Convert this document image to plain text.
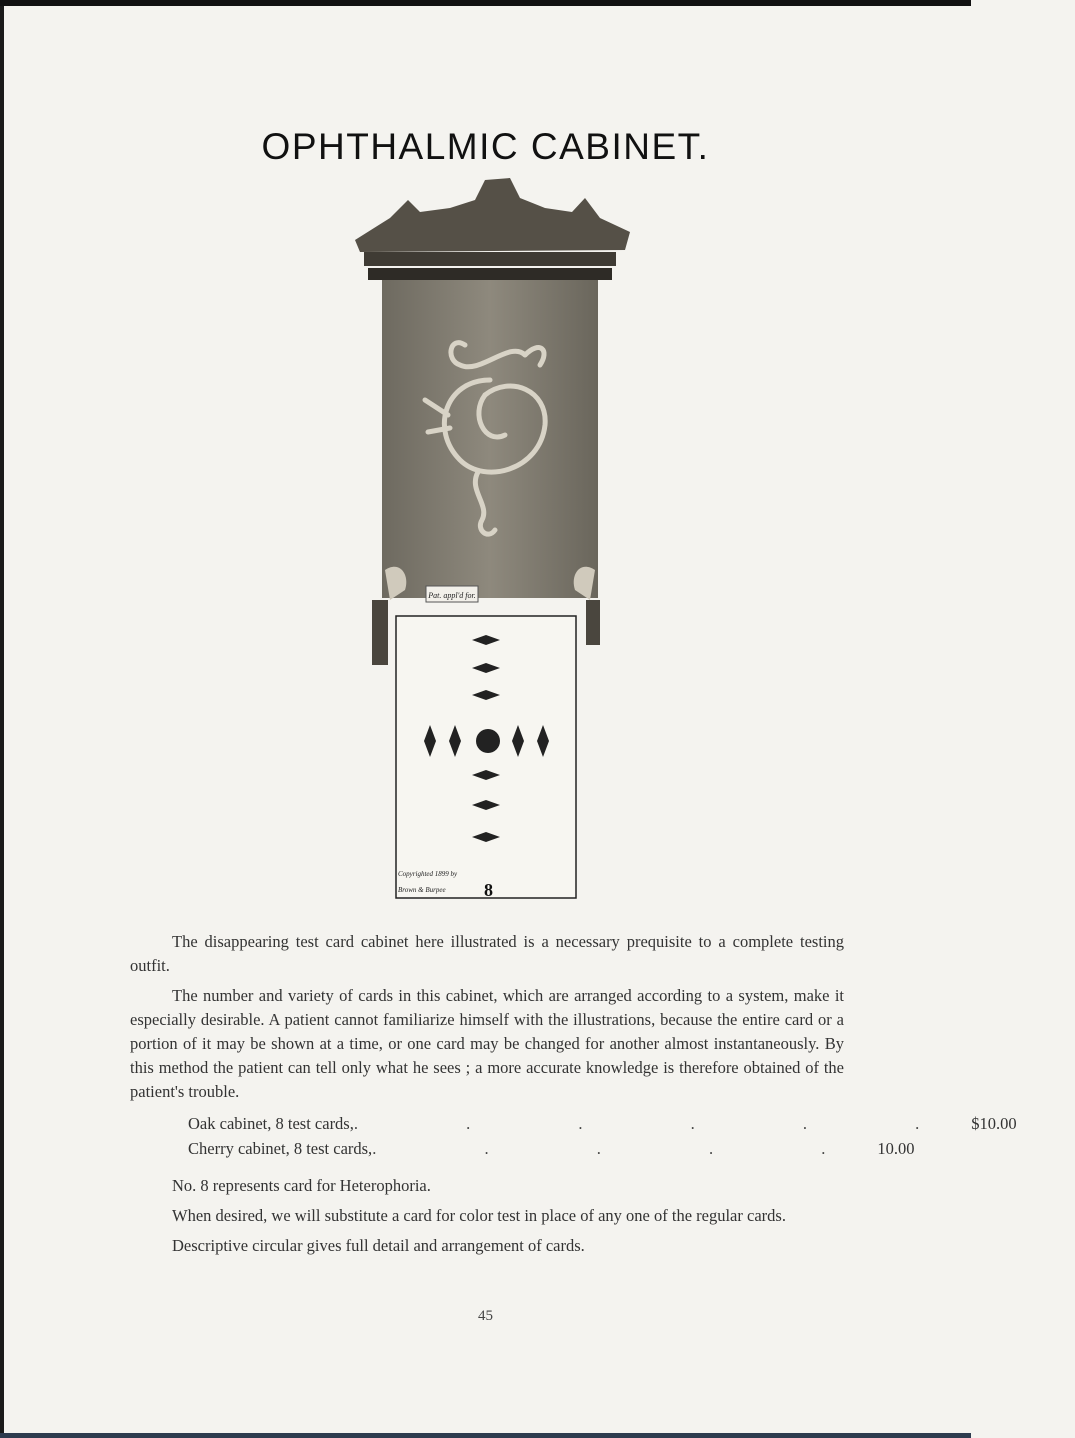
OPHTHALMIC CABINET.
Pat. appl'd for.
Copyrighted 1899 by
Brown & Burpee 8

The disappearing test card cabinet here illustrated is a necessary prequisite to a complete testing outfit.

The number and variety of cards in this cabinet, which are arranged according to a system, make it especially desirable. A patient cannot familiarize himself with the illustrations, because the entire card or a portion of it may be shown at a time, or one card may be changed for another almost instantaneously. By this method the patient can tell only what he sees ; a more accurate knowledge is therefore obtained of the patient's trouble.

Oak cabinet, 8 test cards, . . . . . . $10.00
Cherry cabinet, 8 test cards, . . . . . 10.00

No. 8 represents card for Heterophoria.

When desired, we will substitute a card for color test in place of any one of the regular cards.

Descriptive circular gives full detail and arrangement of cards.

45
